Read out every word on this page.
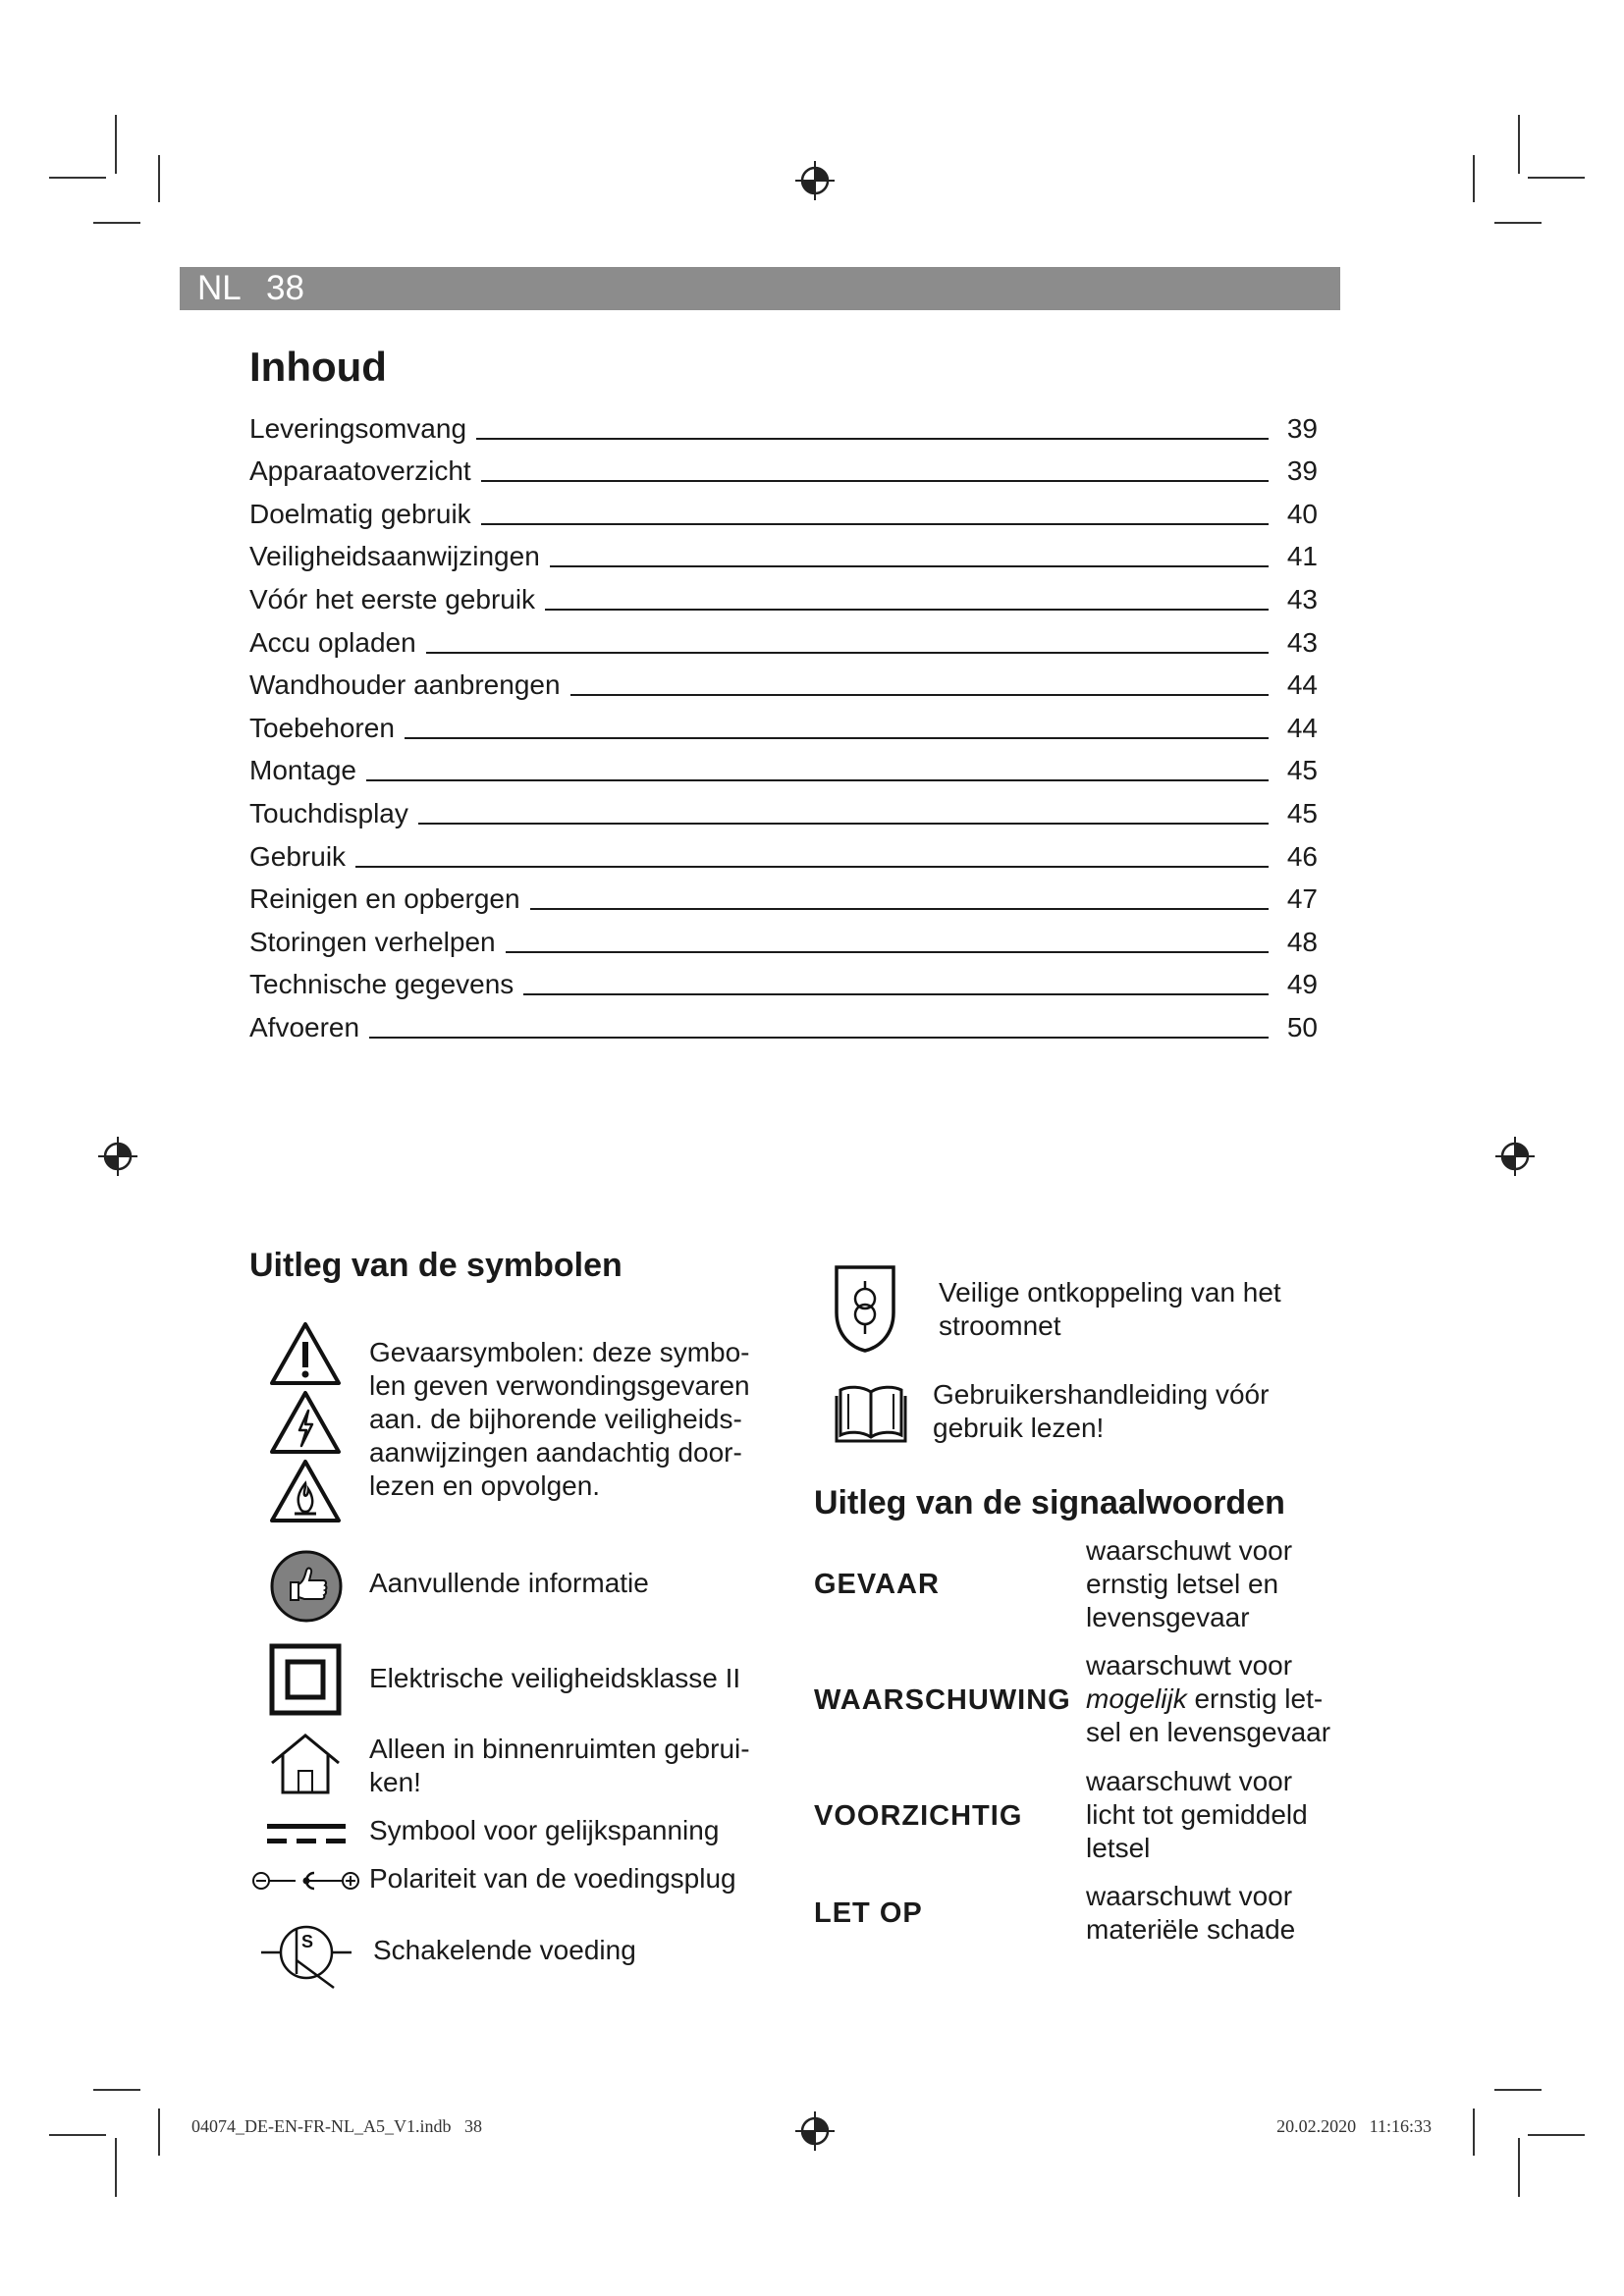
NL 38
Inhoud
Leveringsomvang	39
Apparaatoverzicht	39
Doelmatig gebruik	40
Veiligheidsaanwijzingen	41
Vóór het eerste gebruik	43
Accu opladen	43
Wandhouder aanbrengen	44
Toebehoren	44
Montage	45
Touchdisplay	45
Gebruik	46
Reinigen en opbergen	47
Storingen verhelpen	48
Technische gegevens	49
Afvoeren	50
Uitleg van de symbolen
Gevaarsymbolen: deze symbo-
len geven verwondingsgevaren
aan. de bijhorende veiligheids-
aanwijzingen aandachtig door-
lezen en opvolgen.
Aanvullende informatie
Elektrische veiligheidsklasse II
Alleen in binnenruimten gebrui-
ken!
Symbool voor gelijkspanning
Polariteit van de voedingsplug
S Schakelende voeding
Veilige ontkoppeling van het
stroomnet
Gebruikershandleiding vóór
gebruik lezen!
Uitleg van de signaalwoorden
GEVAAR
waarschuwt voor
ernstig letsel en
levensgevaar
WAARSCHUWING
waarschuwt voor
mogelijk ernstig let-
sel en levensgevaar
VOORZICHTIG
waarschuwt voor
licht tot gemiddeld
letsel
LET OP
waarschuwt voor
materiële schade
04074_DE-EN-FR-NL_A5_V1.indb   38	20.02.2020   11:16:33
